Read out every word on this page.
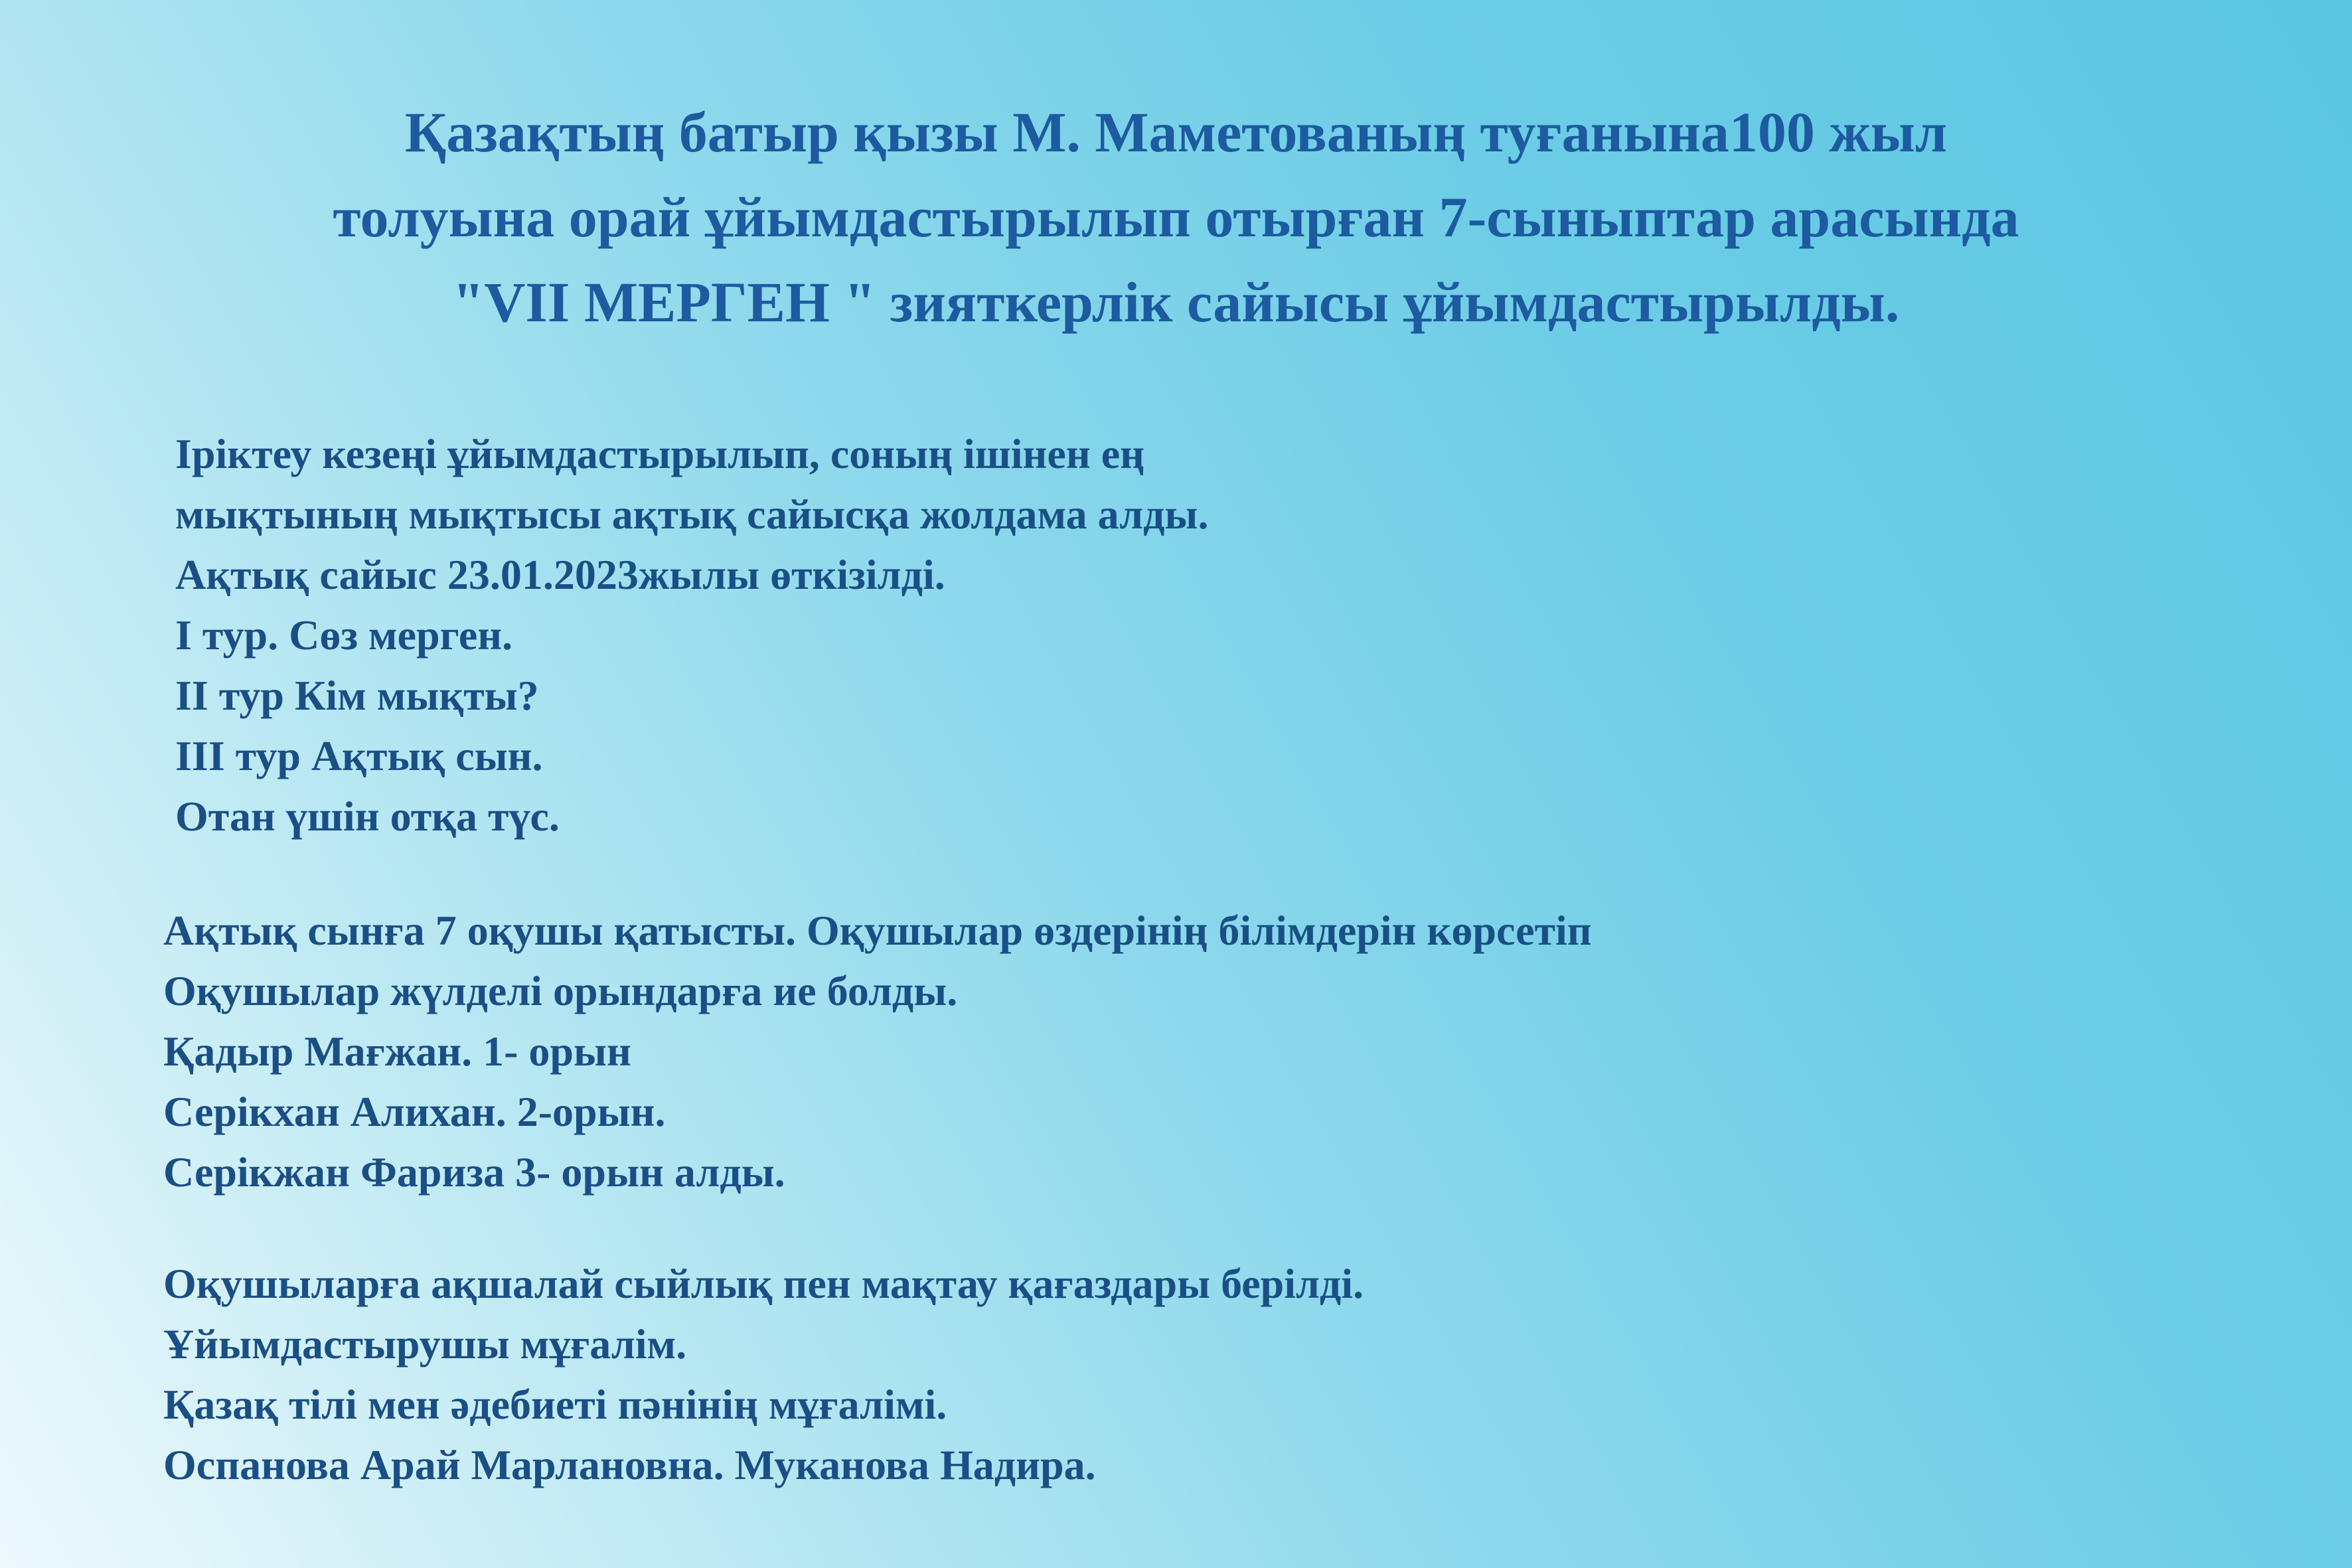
Қазақтың батыр қызы М. Маметованың туғанына100 жыл
толуына орай ұйымдастырылып отырған 7-сыныптар арасында
"VII МЕРГЕН " зияткерлік сайысы ұйымдастырылды.
Іріктеу кезеңі ұйымдастырылып, соның ішінен ең
мықтының мықтысы ақтық сайысқа жолдама алды.
Ақтық сайыс 23.01.2023жылы өткізілді.
I тур. Сөз мерген.
II тур Кім мықты?
III тур Ақтық сын.
Отан үшін отқа түс.
Ақтық сынға 7 оқушы қатысты. Оқушылар өздерінің білімдерін көрсетіп
Оқушылар жүлделі орындарға ие болды.
Қадыр Мағжан. 1- орын
Серікхан Алихан. 2-орын.
Серікжан Фариза 3- орын алды.
Оқушыларға ақшалай сыйлық пен мақтау қағаздары берілді.
Ұйымдастырушы мұғалім.
Қазақ тілі мен әдебиеті пәнінің мұғалімі.
Оспанова Арай Марлановна. Муканова Надира.
